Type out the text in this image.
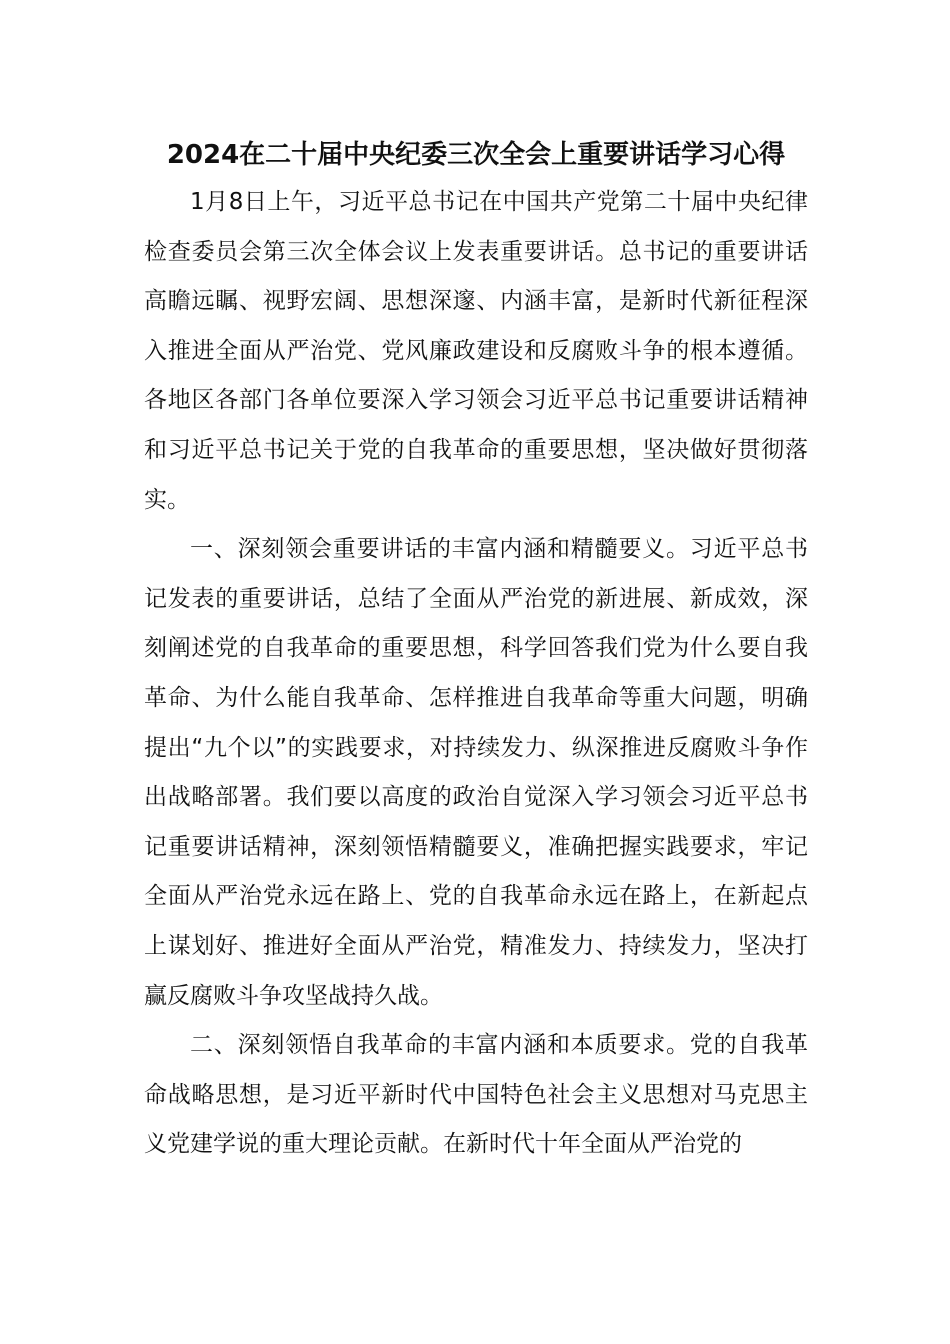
2024在二十届中央纪委三次全会上重要讲话学习心得

1月8日上午，习近平总书记在中国共产党第二十届中央纪律检查委员会第三次全体会议上发表重要讲话。总书记的重要讲话高瞻远瞩、视野宏阔、思想深邃、内涵丰富，是新时代新征程深入推进全面从严治党、党风廉政建设和反腐败斗争的根本遵循。各地区各部门各单位要深入学习领会习近平总书记重要讲话精神和习近平总书记关于党的自我革命的重要思想，坚决做好贯彻落实。

一、深刻领会重要讲话的丰富内涵和精髓要义。习近平总书记发表的重要讲话，总结了全面从严治党的新进展、新成效，深刻阐述党的自我革命的重要思想，科学回答我们党为什么要自我革命、为什么能自我革命、怎样推进自我革命等重大问题，明确提出“九个以”的实践要求，对持续发力、纵深推进反腐败斗争作出战略部署。我们要以高度的政治自觉深入学习领会习近平总书记重要讲话精神，深刻领悟精髓要义，准确把握实践要求，牢记全面从严治党永远在路上、党的自我革命永远在路上，在新起点上谋划好、推进好全面从严治党，精准发力、持续发力，坚决打赢反腐败斗争攻坚战持久战。

二、深刻领悟自我革命的丰富内涵和本质要求。党的自我革命战略思想，是习近平新时代中国特色社会主义思想对马克思主义党建学说的重大理论贡献。在新时代十年全面从严治党的
